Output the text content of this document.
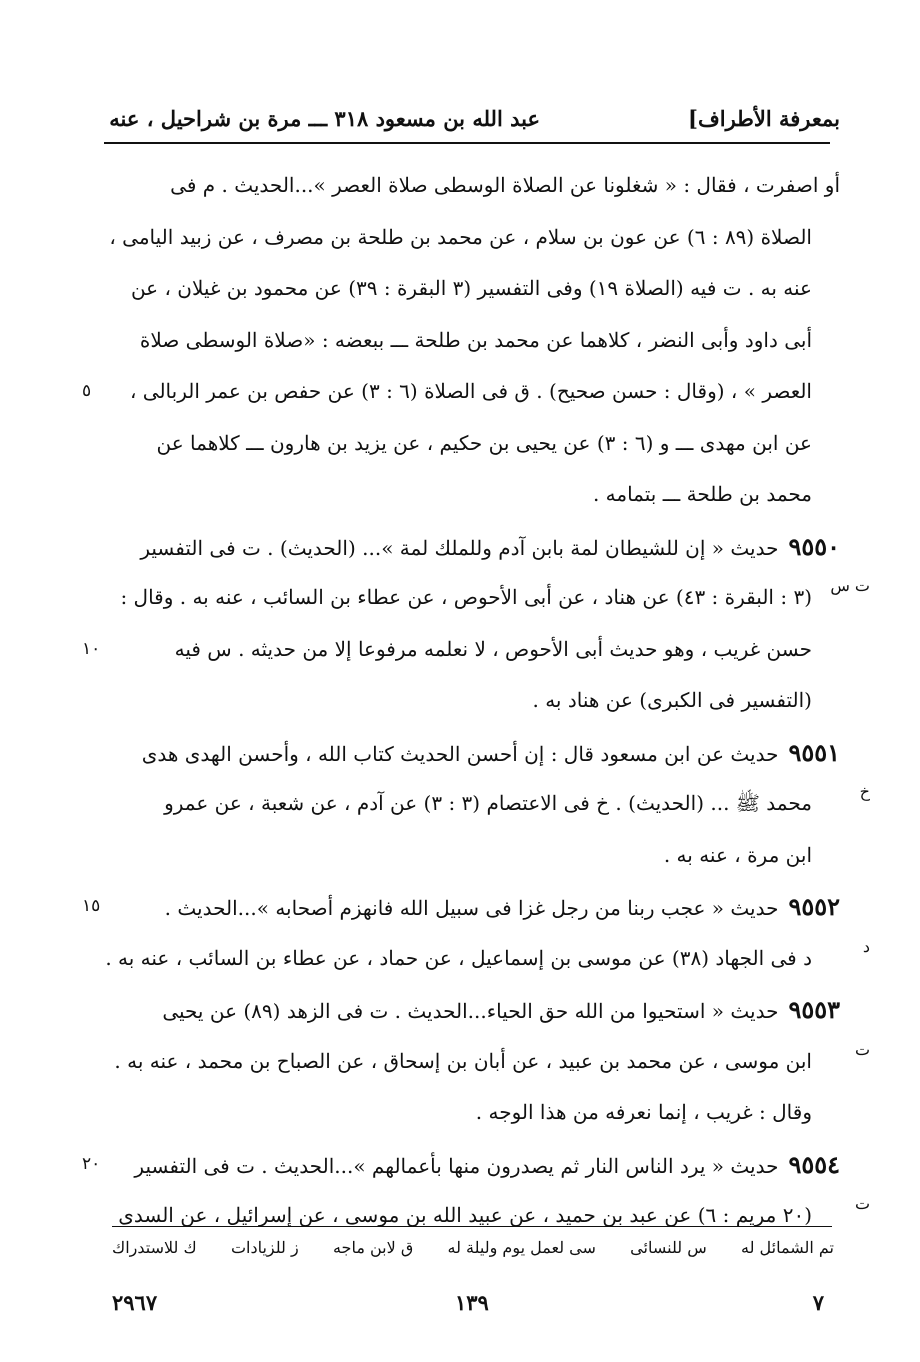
بمعرفة الأطراف]
عبد الله بن مسعود ٣١٨ ـــ مرة بن شراحيل ، عنه
أو اصفرت ، فقال : « شغلونا عن الصلاة الوسطى صلاة العصر »...الحديث . م فى
الصلاة (٨٩ : ٦) عن عون بن سلام ، عن محمد بن طلحة بن مصرف ، عن زبيد اليامى ،
عنه به . ت فيه (الصلاة ١٩) وفى التفسير (٣ البقرة : ٣٩) عن محمود بن غيلان ، عن
أبى داود وأبى النضر ، كلاهما عن محمد بن طلحة ـــ ببعضه : «صلاة الوسطى صلاة
العصر » ، (وقال : حسن صحيح) . ق فى الصلاة (٦ : ٣) عن حفص بن عمر الربالى ،
٥
عن ابن مهدى ـــ و (٦ : ٣) عن يحيى بن حكيم ، عن يزيد بن هارون ـــ كلاهما عن
محمد بن طلحة ـــ بتمامه .
٩٥٥٠حديث « إن للشيطان لمة بابن آدم وللملك لمة »... (الحديث) . ت فى التفسير
(٣ : البقرة : ٤٣) عن هناد ، عن أبى الأحوص ، عن عطاء بن السائب ، عنه به . وقال : ت س
حسن غريب ، وهو حديث أبى الأحوص ، لا نعلمه مرفوعا إلا من حديثه . س فيه
١٠
(التفسير فى الكبرى) عن هناد به .
٩٥٥١حديث عن ابن مسعود قال : إن أحسن الحديث كتاب الله ، وأحسن الهدى هدى
محمد ﷺ ... (الحديث) . خ فى الاعتصام (٣ : ٣) عن آدم ، عن شعبة ، عن عمرو	خ
ابن مرة ، عنه به .
٩٥٥٢حديث « عجب ربنا من رجل غزا فى سبيل الله فانهزم أصحابه »...الحديث .
١٥
د فى الجهاد (٣٨) عن موسى بن إسماعيل ، عن حماد ، عن عطاء بن السائب ، عنه به .	د
٩٥٥٣حديث « استحيوا من الله حق الحياء...الحديث . ت فى الزهد (٨٩) عن يحيى
ابن موسى ، عن محمد بن عبيد ، عن أبان بن إسحاق ، عن الصباح بن محمد ، عنه به .	ت
وقال : غريب ، إنما نعرفه من هذا الوجه .
٩٥٥٤حديث « يرد الناس النار ثم يصدرون منها بأعمالهم »...الحديث . ت فى التفسير
٢٠
(٢٠ مريم : ٦) عن عبد بن حميد ، عن عبيد الله بن موسى ، عن إسرائيل ، عن السدى	ت
تم الشمائل له
س للنسائى
سى لعمل يوم وليلة له
ق لابن ماجه
ز للزيادات
ك للاستدراك
٧
١٣٩
٢٩٦٧
